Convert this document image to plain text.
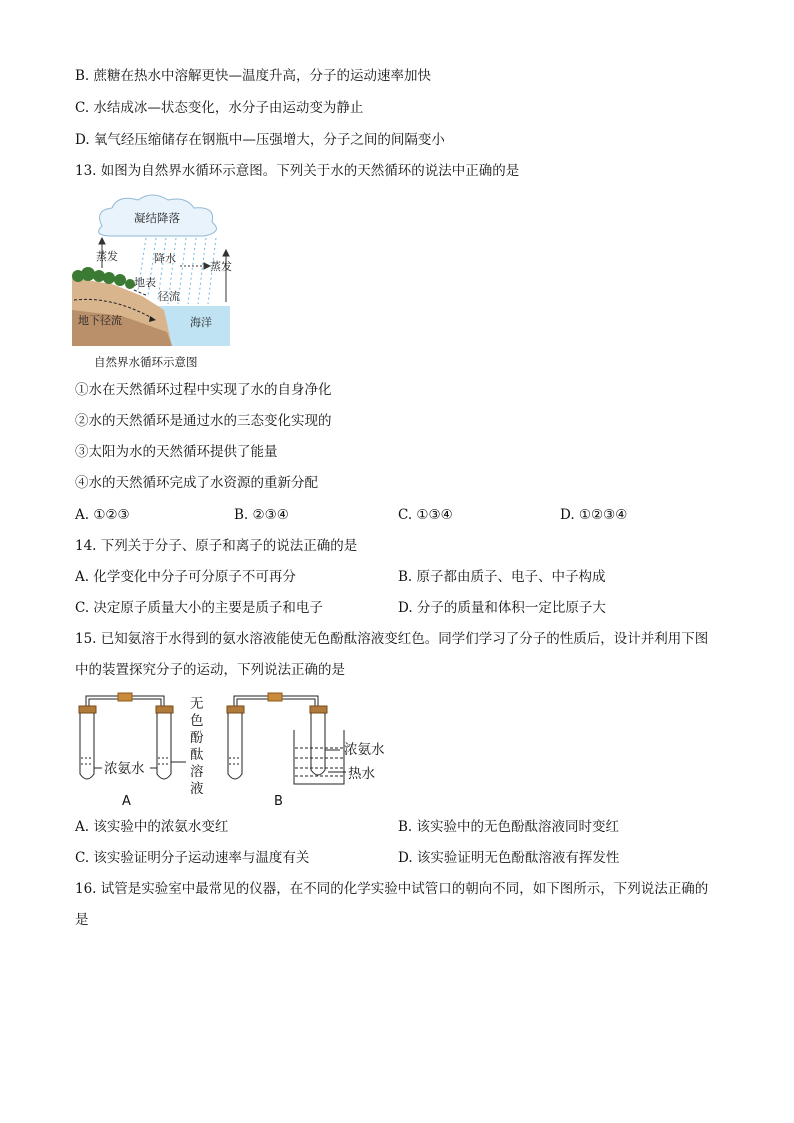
B. 蔗糖在热水中溶解更快—温度升高，分子的运动速率加快
C. 水结成冰—状态变化，水分子由运动变为静止
D. 氧气经压缩储存在钢瓶中—压强增大，分子之间的间隔变小
13. 如图为自然界水循环示意图。下列关于水的天然循环的说法中正确的是
凝结降落
蒸发	降水
蒸发
地表
径流
地下径流	海洋
自然界水循环示意图
①水在天然循环过程中实现了水的自身净化
②水的天然循环是通过水的三态变化实现的
③太阳为水的天然循环提供了能量
④水的天然循环完成了水资源的重新分配
A. ①②③	B. ②③④	C. ①③④	D. ①②③④
14. 下列关于分子、原子和离子的说法正确的是
A. 化学变化中分子可分原子不可再分	B. 原子都由质子、电子、中子构成
C. 决定原子质量大小的主要是质子和电子	D. 分子的质量和体积一定比原子大
15. 已知氨溶于水得到的氨水溶液能使无色酚酞溶液变红色。同学们学习了分子的性质后，设计并利用下图
中的装置探究分子的运动，下列说法正确的是
浓氨水
无
色
酚
酞
溶
液
A
浓氨水
热水
B
A. 该实验中的浓氨水变红	B. 该实验中的无色酚酞溶液同时变红
C. 该实验证明分子运动速率与温度有关	D. 该实验证明无色酚酞溶液有挥发性
16. 试管是实验室中最常见的仪器，在不同的化学实验中试管口的朝向不同，如下图所示，下列说法正确的
是
